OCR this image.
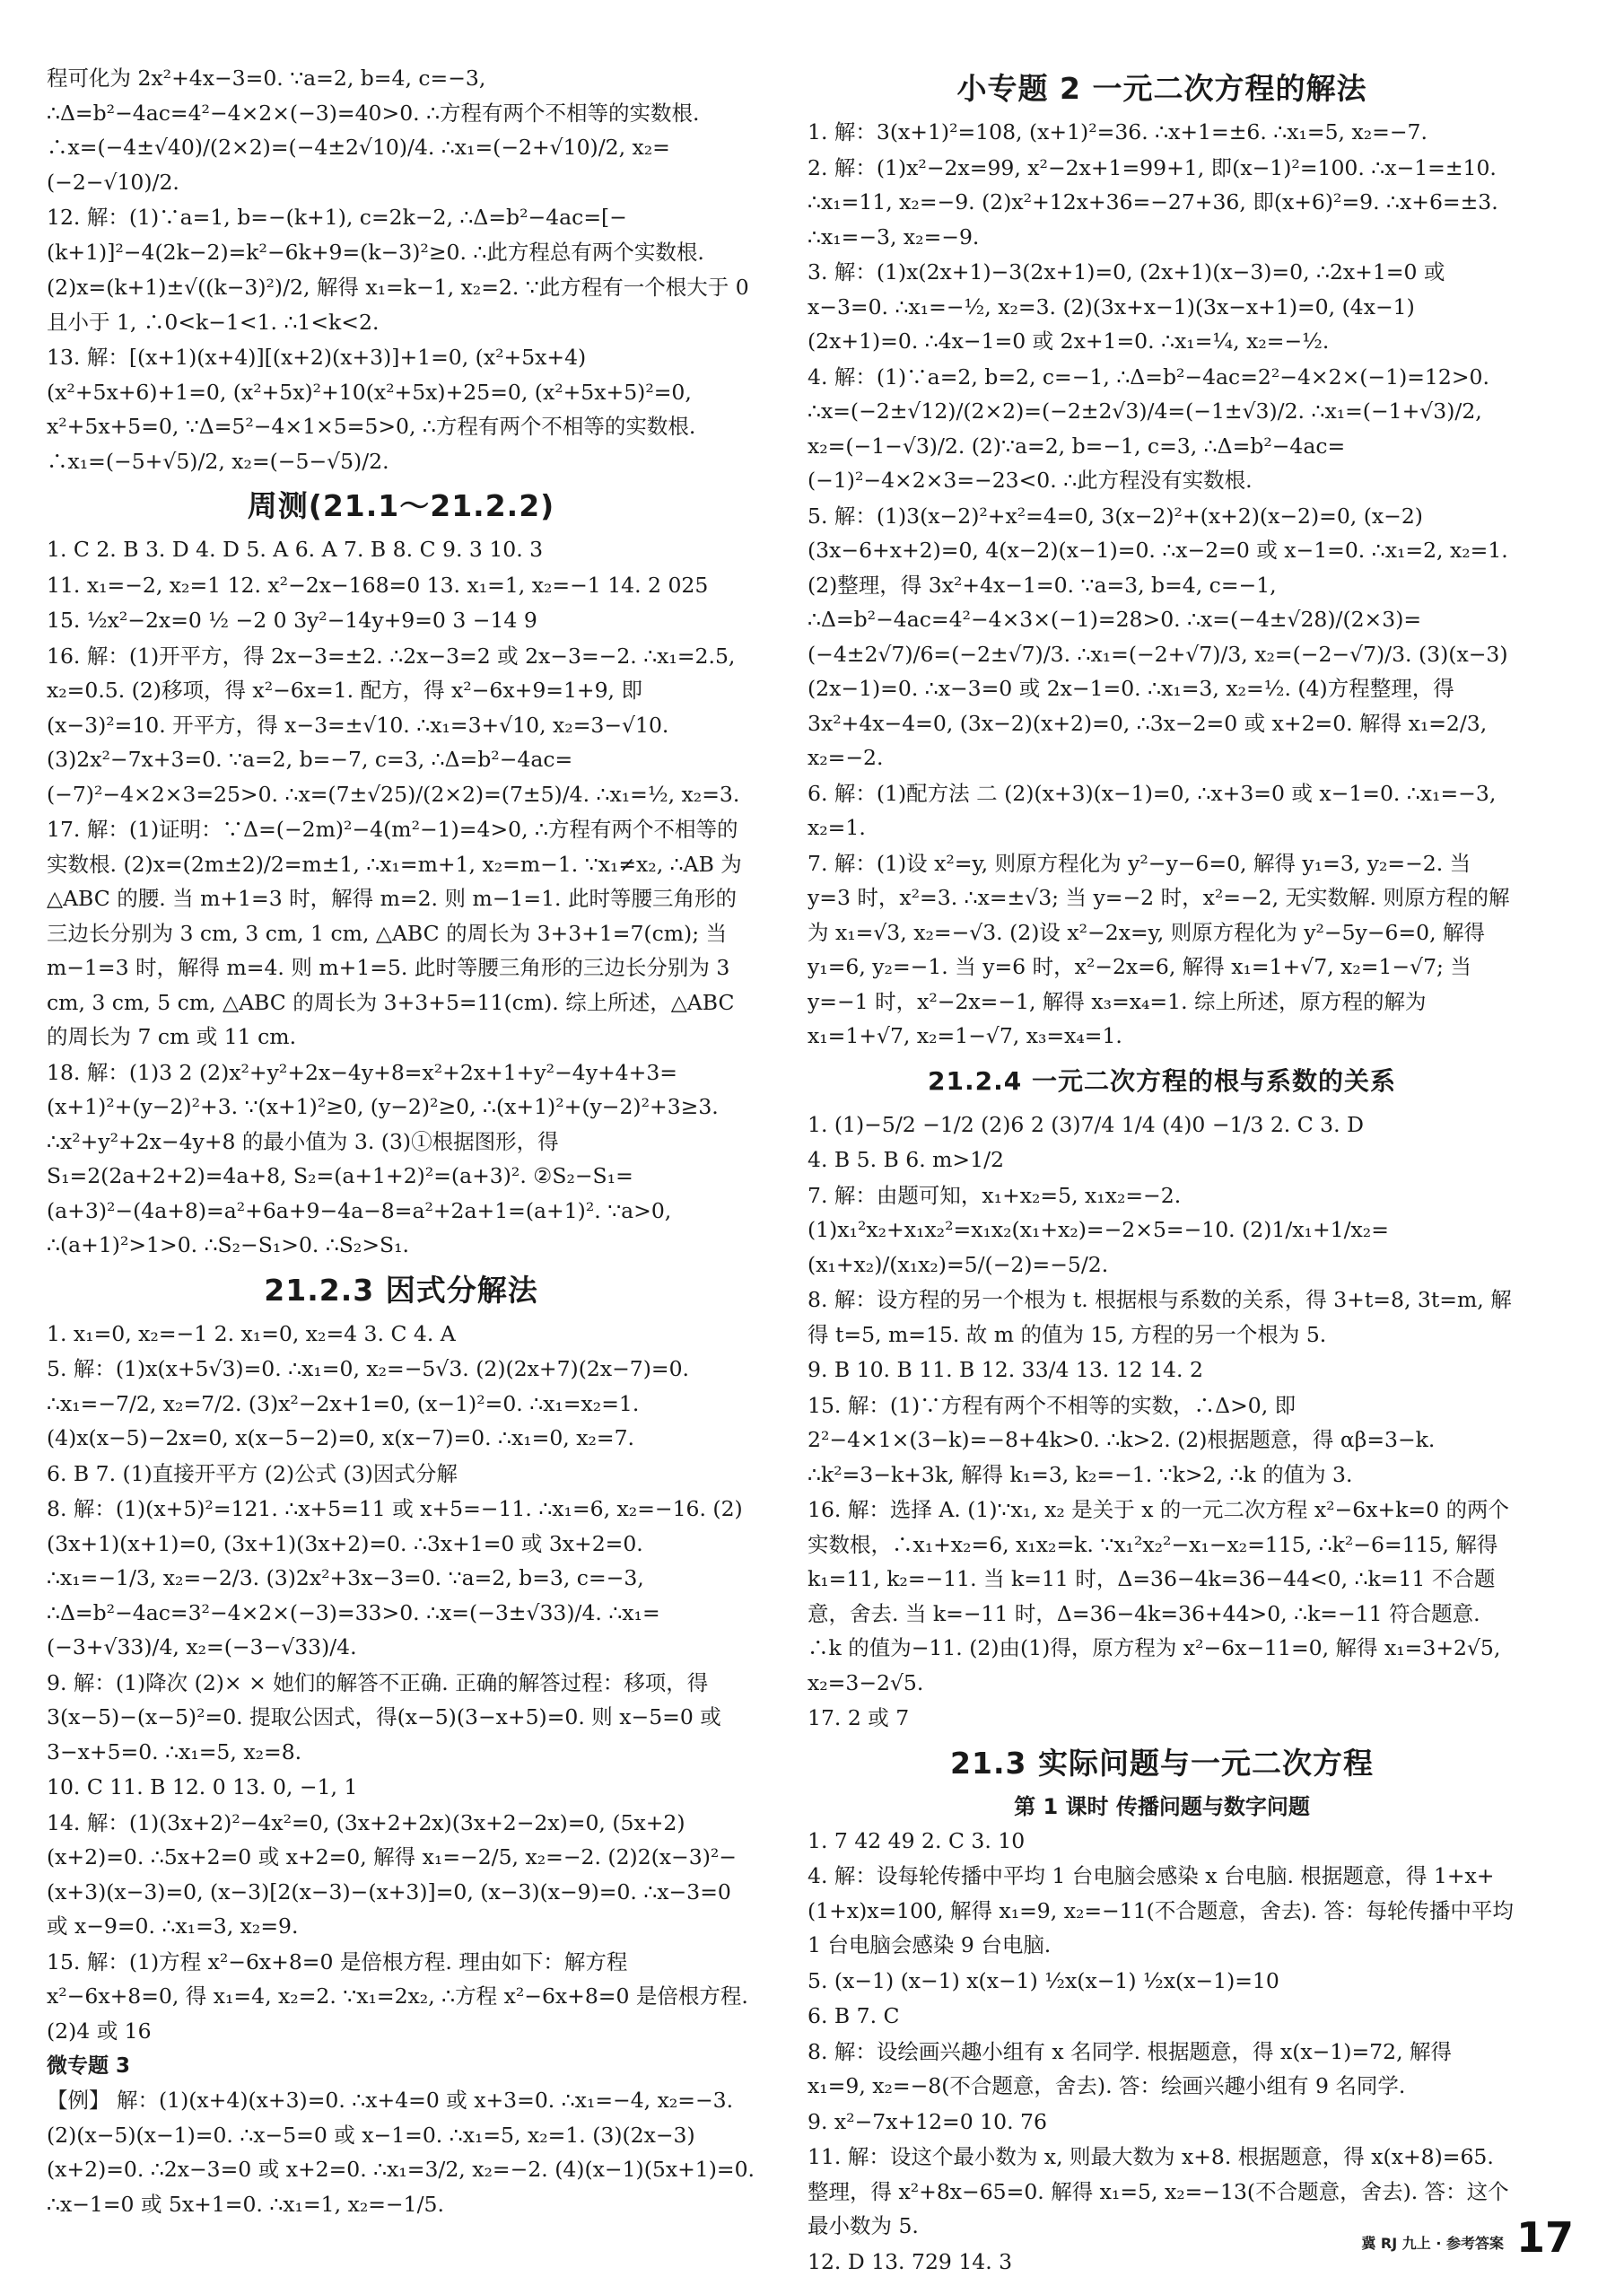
程可化为 2x²+4x−3=0. ∵a=2, b=4, c=−3, ∴Δ=b²−4ac=4²−4×2×(−3)=40>0. ∴方程有两个不相等的实数根. ∴x=(−4±√40)/(2×2)=(−4±2√10)/4. ∴x₁=(−2+√10)/2, x₂=(−2−√10)/2.

12. 解：(1)∵a=1, b=−(k+1), c=2k−2, ∴Δ=b²−4ac=[−(k+1)]²−4(2k−2)=k²−6k+9=(k−3)²≥0. ∴此方程总有两个实数根.

(2)x=(k+1)±√((k−3)²)/2, 解得 x₁=k−1, x₂=2. ∵此方程有一个根大于 0 且小于 1, ∴0<k−1<1. ∴1<k<2.

13. 解：[(x+1)(x+4)][(x+2)(x+3)]+1=0, (x²+5x+4)(x²+5x+6)+1=0, (x²+5x)²+10(x²+5x)+25=0, (x²+5x+5)²=0, x²+5x+5=0, ∵Δ=5²−4×1×5=5>0, ∴方程有两个不相等的实数根. ∴x₁=(−5+√5)/2, x₂=(−5−√5)/2.

周测(21.1～21.2.2)

1. C 2. B 3. D 4. D 5. A 6. A 7. B 8. C 9. 3 10. 3

11. x₁=−2, x₂=1 12. x²−2x−168=0 13. x₁=1, x₂=−1 14. 2 025

15. ½x²−2x=0 ½ −2 0 3y²−14y+9=0 3 −14 9

16. 解：(1)开平方，得 2x−3=±2. ∴2x−3=2 或 2x−3=−2. ∴x₁=2.5, x₂=0.5. (2)移项，得 x²−6x=1. 配方，得 x²−6x+9=1+9, 即(x−3)²=10. 开平方，得 x−3=±√10. ∴x₁=3+√10, x₂=3−√10. (3)2x²−7x+3=0. ∵a=2, b=−7, c=3, ∴Δ=b²−4ac=(−7)²−4×2×3=25>0. ∴x=(7±√25)/(2×2)=(7±5)/4. ∴x₁=½, x₂=3.

17. 解：(1)证明：∵Δ=(−2m)²−4(m²−1)=4>0, ∴方程有两个不相等的实数根. (2)x=(2m±2)/2=m±1, ∴x₁=m+1, x₂=m−1. ∵x₁≠x₂, ∴AB 为△ABC 的腰. 当 m+1=3 时，解得 m=2. 则 m−1=1. 此时等腰三角形的三边长分别为 3 cm, 3 cm, 1 cm, △ABC 的周长为 3+3+1=7(cm); 当 m−1=3 时，解得 m=4. 则 m+1=5. 此时等腰三角形的三边长分别为 3 cm, 3 cm, 5 cm, △ABC 的周长为 3+3+5=11(cm). 综上所述，△ABC 的周长为 7 cm 或 11 cm.

18. 解：(1)3 2 (2)x²+y²+2x−4y+8=x²+2x+1+y²−4y+4+3=(x+1)²+(y−2)²+3. ∵(x+1)²≥0, (y−2)²≥0, ∴(x+1)²+(y−2)²+3≥3. ∴x²+y²+2x−4y+8 的最小值为 3. (3)①根据图形，得 S₁=2(2a+2+2)=4a+8, S₂=(a+1+2)²=(a+3)². ②S₂−S₁=(a+3)²−(4a+8)=a²+6a+9−4a−8=a²+2a+1=(a+1)². ∵a>0, ∴(a+1)²>1>0. ∴S₂−S₁>0. ∴S₂>S₁.

21.2.3 因式分解法

1. x₁=0, x₂=−1 2. x₁=0, x₂=4 3. C 4. A

5. 解：(1)x(x+5√3)=0. ∴x₁=0, x₂=−5√3. (2)(2x+7)(2x−7)=0. ∴x₁=−7/2, x₂=7/2. (3)x²−2x+1=0, (x−1)²=0. ∴x₁=x₂=1. (4)x(x−5)−2x=0, x(x−5−2)=0, x(x−7)=0. ∴x₁=0, x₂=7.

6. B 7. (1)直接开平方 (2)公式 (3)因式分解

8. 解：(1)(x+5)²=121. ∴x+5=11 或 x+5=−11. ∴x₁=6, x₂=−16. (2)(3x+1)(x+1)=0, (3x+1)(3x+2)=0. ∴3x+1=0 或 3x+2=0. ∴x₁=−1/3, x₂=−2/3. (3)2x²+3x−3=0. ∵a=2, b=3, c=−3, ∴Δ=b²−4ac=3²−4×2×(−3)=33>0. ∴x=(−3±√33)/4. ∴x₁=(−3+√33)/4, x₂=(−3−√33)/4.

9. 解：(1)降次 (2)× × 她们的解答不正确. 正确的解答过程：移项，得 3(x−5)−(x−5)²=0. 提取公因式，得(x−5)(3−x+5)=0. 则 x−5=0 或 3−x+5=0. ∴x₁=5, x₂=8.

10. C 11. B 12. 0 13. 0, −1, 1

14. 解：(1)(3x+2)²−4x²=0, (3x+2+2x)(3x+2−2x)=0, (5x+2)(x+2)=0. ∴5x+2=0 或 x+2=0, 解得 x₁=−2/5, x₂=−2. (2)2(x−3)²−(x+3)(x−3)=0, (x−3)[2(x−3)−(x+3)]=0, (x−3)(x−9)=0. ∴x−3=0 或 x−9=0. ∴x₁=3, x₂=9.

15. 解：(1)方程 x²−6x+8=0 是倍根方程. 理由如下：解方程 x²−6x+8=0, 得 x₁=4, x₂=2. ∵x₁=2x₂, ∴方程 x²−6x+8=0 是倍根方程. (2)4 或 16

微专题 3

【例】 解：(1)(x+4)(x+3)=0. ∴x+4=0 或 x+3=0. ∴x₁=−4, x₂=−3. (2)(x−5)(x−1)=0. ∴x−5=0 或 x−1=0. ∴x₁=5, x₂=1. (3)(2x−3)(x+2)=0. ∴2x−3=0 或 x+2=0. ∴x₁=3/2, x₂=−2. (4)(x−1)(5x+1)=0. ∴x−1=0 或 5x+1=0. ∴x₁=1, x₂=−1/5.

小专题 2 一元二次方程的解法

1. 解：3(x+1)²=108, (x+1)²=36. ∴x+1=±6. ∴x₁=5, x₂=−7.

2. 解：(1)x²−2x=99, x²−2x+1=99+1, 即(x−1)²=100. ∴x−1=±10. ∴x₁=11, x₂=−9. (2)x²+12x+36=−27+36, 即(x+6)²=9. ∴x+6=±3. ∴x₁=−3, x₂=−9.

3. 解：(1)x(2x+1)−3(2x+1)=0, (2x+1)(x−3)=0, ∴2x+1=0 或 x−3=0. ∴x₁=−½, x₂=3. (2)(3x+x−1)(3x−x+1)=0, (4x−1)(2x+1)=0. ∴4x−1=0 或 2x+1=0. ∴x₁=¼, x₂=−½.

4. 解：(1)∵a=2, b=2, c=−1, ∴Δ=b²−4ac=2²−4×2×(−1)=12>0. ∴x=(−2±√12)/(2×2)=(−2±2√3)/4=(−1±√3)/2. ∴x₁=(−1+√3)/2, x₂=(−1−√3)/2. (2)∵a=2, b=−1, c=3, ∴Δ=b²−4ac=(−1)²−4×2×3=−23<0. ∴此方程没有实数根.

5. 解：(1)3(x−2)²+x²=4=0, 3(x−2)²+(x+2)(x−2)=0, (x−2)(3x−6+x+2)=0, 4(x−2)(x−1)=0. ∴x−2=0 或 x−1=0. ∴x₁=2, x₂=1. (2)整理，得 3x²+4x−1=0. ∵a=3, b=4, c=−1, ∴Δ=b²−4ac=4²−4×3×(−1)=28>0. ∴x=(−4±√28)/(2×3)=(−4±2√7)/6=(−2±√7)/3. ∴x₁=(−2+√7)/3, x₂=(−2−√7)/3. (3)(x−3)(2x−1)=0. ∴x−3=0 或 2x−1=0. ∴x₁=3, x₂=½. (4)方程整理，得 3x²+4x−4=0, (3x−2)(x+2)=0, ∴3x−2=0 或 x+2=0. 解得 x₁=2/3, x₂=−2.

6. 解：(1)配方法 二 (2)(x+3)(x−1)=0, ∴x+3=0 或 x−1=0. ∴x₁=−3, x₂=1.

7. 解：(1)设 x²=y, 则原方程化为 y²−y−6=0, 解得 y₁=3, y₂=−2. 当 y=3 时，x²=3. ∴x=±√3; 当 y=−2 时，x²=−2, 无实数解. 则原方程的解为 x₁=√3, x₂=−√3. (2)设 x²−2x=y, 则原方程化为 y²−5y−6=0, 解得 y₁=6, y₂=−1. 当 y=6 时，x²−2x=6, 解得 x₁=1+√7, x₂=1−√7; 当 y=−1 时，x²−2x=−1, 解得 x₃=x₄=1. 综上所述，原方程的解为 x₁=1+√7, x₂=1−√7, x₃=x₄=1.

21.2.4 一元二次方程的根与系数的关系

1. (1)−5/2 −1/2 (2)6 2 (3)7/4 1/4 (4)0 −1/3 2. C 3. D

4. B 5. B 6. m>1/2

7. 解：由题可知，x₁+x₂=5, x₁x₂=−2. (1)x₁²x₂+x₁x₂²=x₁x₂(x₁+x₂)=−2×5=−10. (2)1/x₁+1/x₂=(x₁+x₂)/(x₁x₂)=5/(−2)=−5/2.

8. 解：设方程的另一个根为 t. 根据根与系数的关系，得 3+t=8, 3t=m, 解得 t=5, m=15. 故 m 的值为 15, 方程的另一个根为 5.

9. B 10. B 11. B 12. 33/4 13. 12 14. 2

15. 解：(1)∵方程有两个不相等的实数，∴Δ>0, 即 2²−4×1×(3−k)=−8+4k>0. ∴k>2. (2)根据题意，得 αβ=3−k. ∴k²=3−k+3k, 解得 k₁=3, k₂=−1. ∵k>2, ∴k 的值为 3.

16. 解：选择 A. (1)∵x₁, x₂ 是关于 x 的一元二次方程 x²−6x+k=0 的两个实数根，∴x₁+x₂=6, x₁x₂=k. ∵x₁²x₂²−x₁−x₂=115, ∴k²−6=115, 解得 k₁=11, k₂=−11. 当 k=11 时，Δ=36−4k=36−44<0, ∴k=11 不合题意，舍去. 当 k=−11 时，Δ=36−4k=36+44>0, ∴k=−11 符合题意. ∴k 的值为−11. (2)由(1)得，原方程为 x²−6x−11=0, 解得 x₁=3+2√5, x₂=3−2√5.

17. 2 或 7

21.3 实际问题与一元二次方程
第 1 课时 传播问题与数字问题

1. 7 42 49 2. C 3. 10

4. 解：设每轮传播中平均 1 台电脑会感染 x 台电脑. 根据题意，得 1+x+(1+x)x=100, 解得 x₁=9, x₂=−11(不合题意，舍去). 答：每轮传播中平均 1 台电脑会感染 9 台电脑.

5. (x−1) (x−1) x(x−1) ½x(x−1) ½x(x−1)=10

6. B 7. C

8. 解：设绘画兴趣小组有 x 名同学. 根据题意，得 x(x−1)=72, 解得 x₁=9, x₂=−8(不合题意，舍去). 答：绘画兴趣小组有 9 名同学.

9. x²−7x+12=0 10. 76

11. 解：设这个最小数为 x, 则最大数为 x+8. 根据题意，得 x(x+8)=65. 整理，得 x²+8x−65=0. 解得 x₁=5, x₂=−13(不合题意，舍去). 答：这个最小数为 5.

12. D 13. 729 14. 3

冀 RJ 九上 · 参考答案 17
